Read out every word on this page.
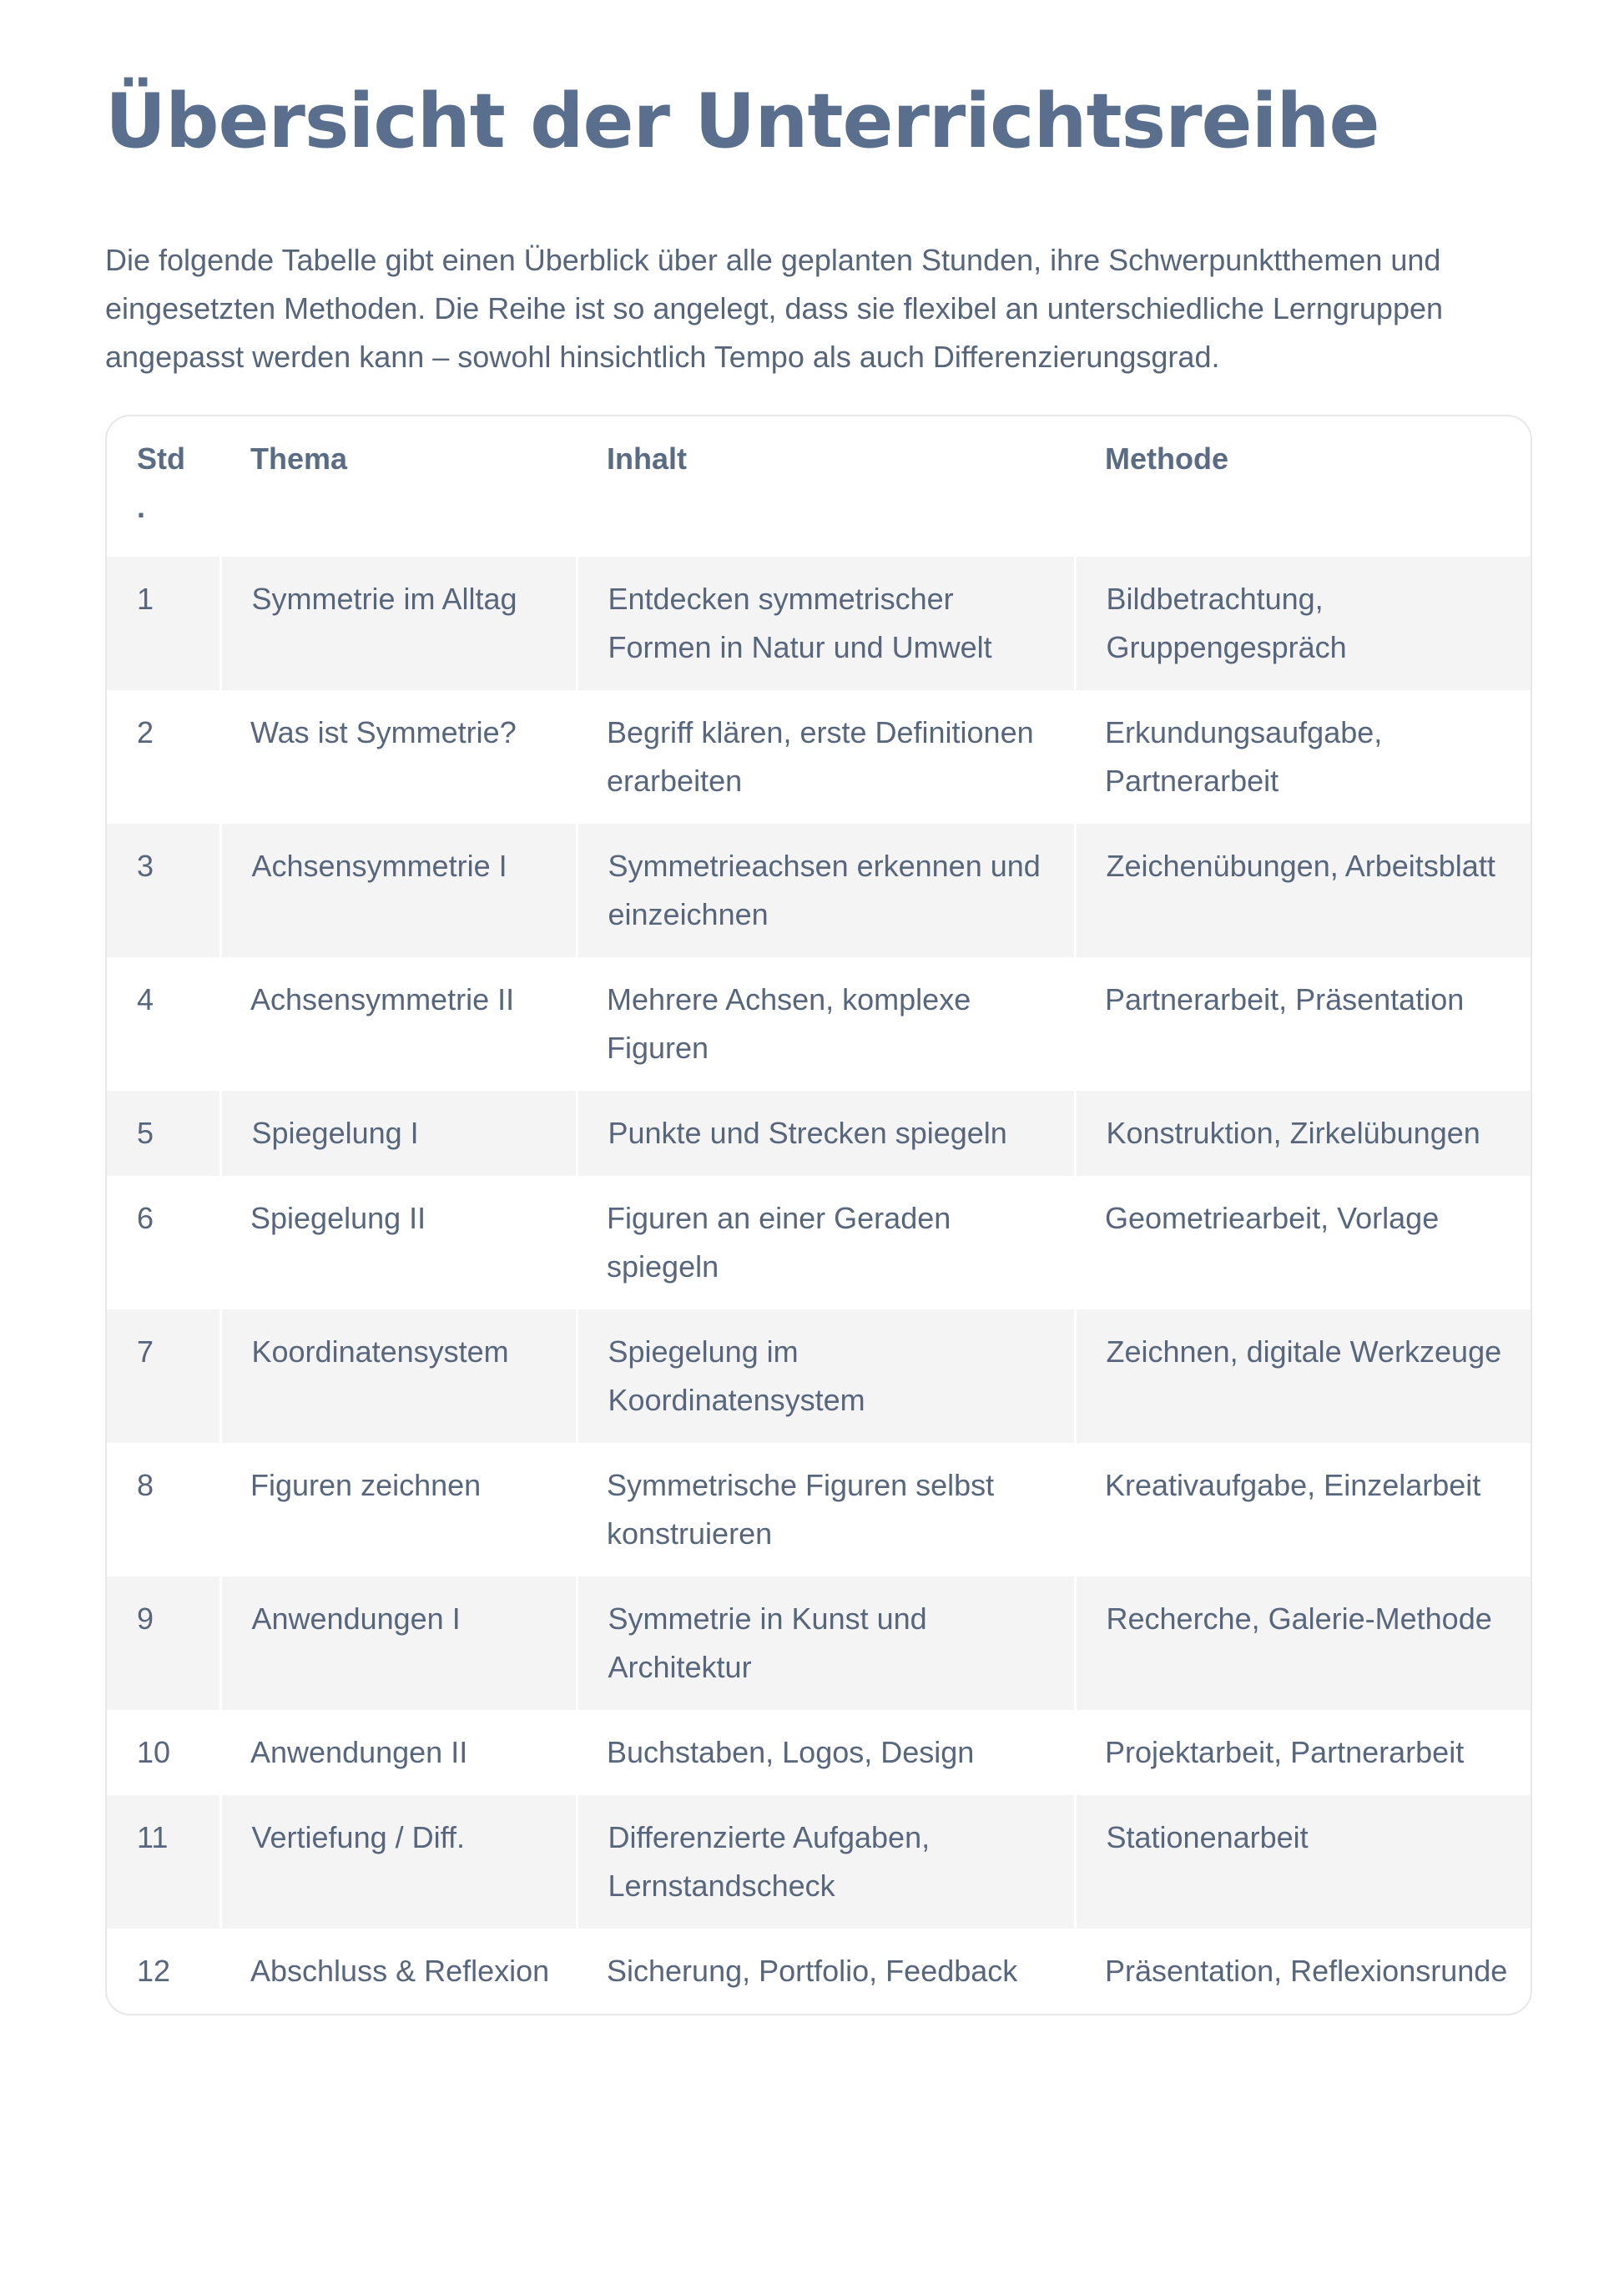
Übersicht der Unterrichtsreihe

Die folgende Tabelle gibt einen Überblick über alle geplanten Stunden, ihre Schwerpunktthemen und eingesetzten Methoden. Die Reihe ist so angelegt, dass sie flexibel an unterschiedliche Lerngruppen angepasst werden kann – sowohl hinsichtlich Tempo als auch Differenzierungsgrad.

Std.	Thema	Inhalt	Methode
1	Symmetrie im Alltag	Entdecken symmetrischer Formen in Natur und Umwelt	Bildbetrachtung, Gruppengespräch
2	Was ist Symmetrie?	Begriff klären, erste Definitionen erarbeiten	Erkundungsaufgabe, Partnerarbeit
3	Achsensymmetrie I	Symmetrieachsen erkennen und einzeichnen	Zeichenübungen, Arbeitsblatt
4	Achsensymmetrie II	Mehrere Achsen, komplexe Figuren	Partnerarbeit, Präsentation
5	Spiegelung I	Punkte und Strecken spiegeln	Konstruktion, Zirkelübungen
6	Spiegelung II	Figuren an einer Geraden spiegeln	Geometriearbeit, Vorlage
7	Koordinatensystem	Spiegelung im Koordinatensystem	Zeichnen, digitale Werkzeuge
8	Figuren zeichnen	Symmetrische Figuren selbst konstruieren	Kreativaufgabe, Einzelarbeit
9	Anwendungen I	Symmetrie in Kunst und Architektur	Recherche, Galerie-Methode
10	Anwendungen II	Buchstaben, Logos, Design	Projektarbeit, Partnerarbeit
11	Vertiefung / Diff.	Differenzierte Aufgaben, Lernstandscheck	Stationenarbeit
12	Abschluss & Reflexion	Sicherung, Portfolio, Feedback	Präsentation, Reflexionsrunde
